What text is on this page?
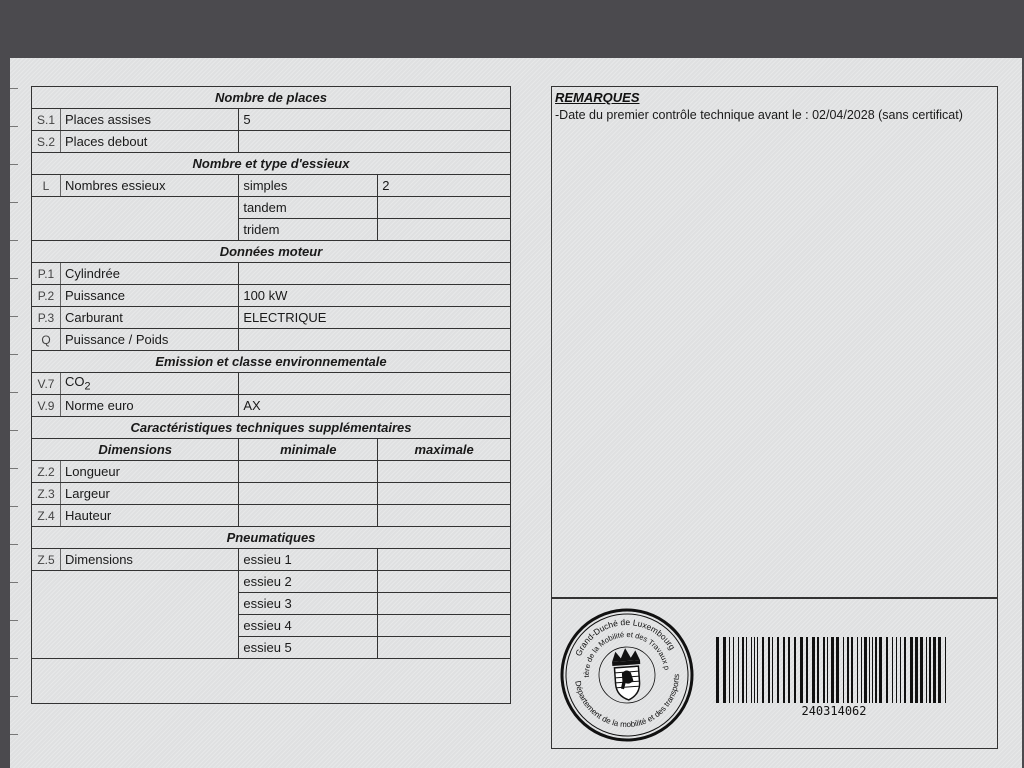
Nombre de places			
S.1	Places assises	5	
S.2	Places debout		
Nombre et type d'essieux			
L	Nombres essieux	simples	2
		tandem	
		tridem	
Données moteur			
P.1	Cylindrée		
P.2	Puissance	100 kW	
P.3	Carburant	ELECTRIQUE	
Q	Puissance / Poids		
Emission et classe environnementale			
V.7	$CO_2$	
V.9	Norme euro	AX	
Caractéristiques techniques supplémentaires			
Dimensions		minimale	maximale
Z.2	Longueur		
Z.3	Largeur		
Z.4	Hauteur		
Pneumatiques			
Z.5	Dimensions	essieu 1	
		essieu 2	
		essieu 3	
		essieu 4	
		essieu 5	

REMARQUES
-Date du premier contrôle technique avant le : 02/04/2028 (sans certificat)
Grand-Duché de Luxembourg
Ministère de la Mobilité et des Travaux publics
Département de la mobilité et des transports
240314062
